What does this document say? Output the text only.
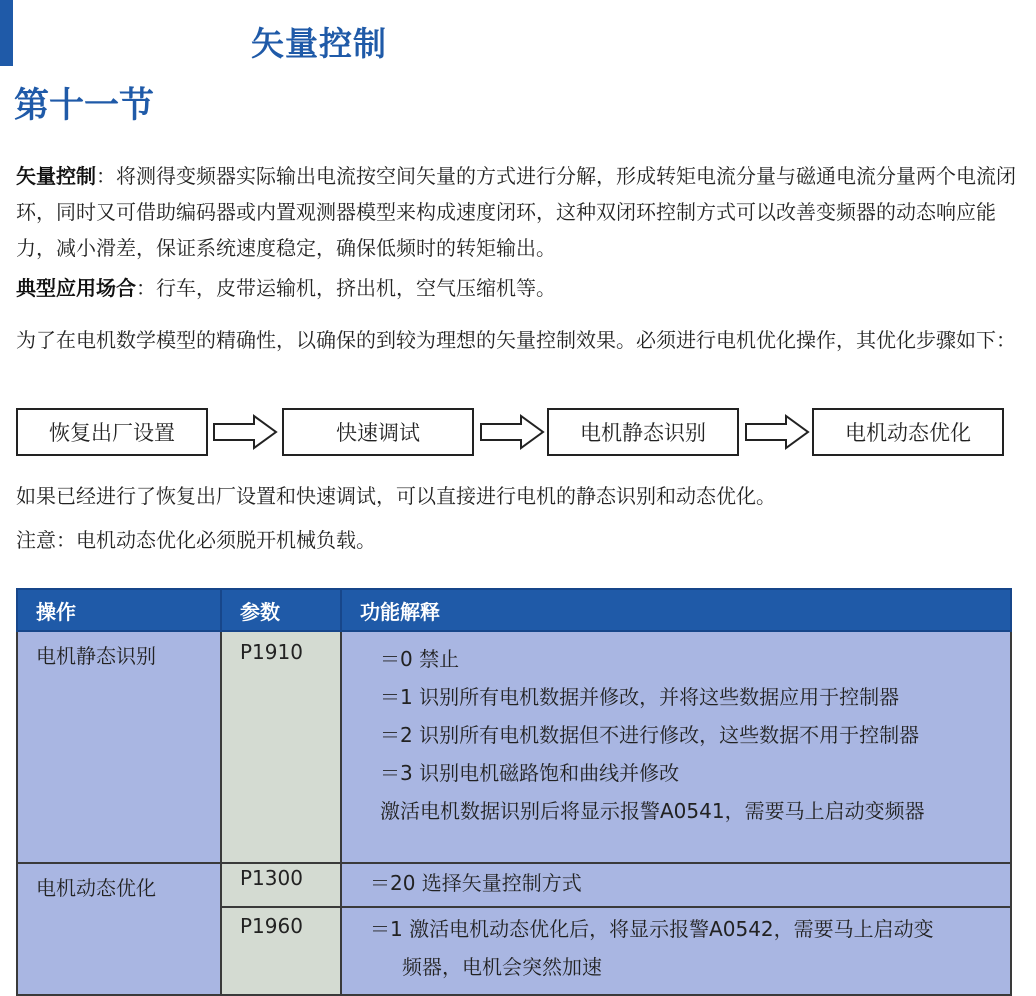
矢量控制
第十一节
矢量控制：将测得变频器实际输出电流按空间矢量的方式进行分解，形成转矩电流分量与磁通电流分量两个电流闭环，同时又可借助编码器或内置观测器模型来构成速度闭环，这种双闭环控制方式可以改善变频器的动态响应能力，减小滑差，保证系统速度稳定，确保低频时的转矩输出。
典型应用场合：行车，皮带运输机，挤出机，空气压缩机等。
为了在电机数学模型的精确性，以确保的到较为理想的矢量控制效果。必须进行电机优化操作，其优化步骤如下：
恢复出厂设置	快速调试	电机静态识别	电机动态优化
如果已经进行了恢复出厂设置和快速调试，可以直接进行电机的静态识别和动态优化。
注意：电机动态优化必须脱开机械负载。
操作	参数	功能解释
电机静态识别	P1910	＝0 禁止
＝1 识别所有电机数据并修改，并将这些数据应用于控制器
＝2 识别所有电机数据但不进行修改，这些数据不用于控制器
＝3 识别电机磁路饱和曲线并修改
激活电机数据识别后将显示报警A0541，需要马上启动变频器

电机动态优化	P1300	＝20 选择矢量控制方式

	P1960	＝1 激活电机动态优化后，将显示报警A0542，需要马上启动变
频器，电机会突然加速
